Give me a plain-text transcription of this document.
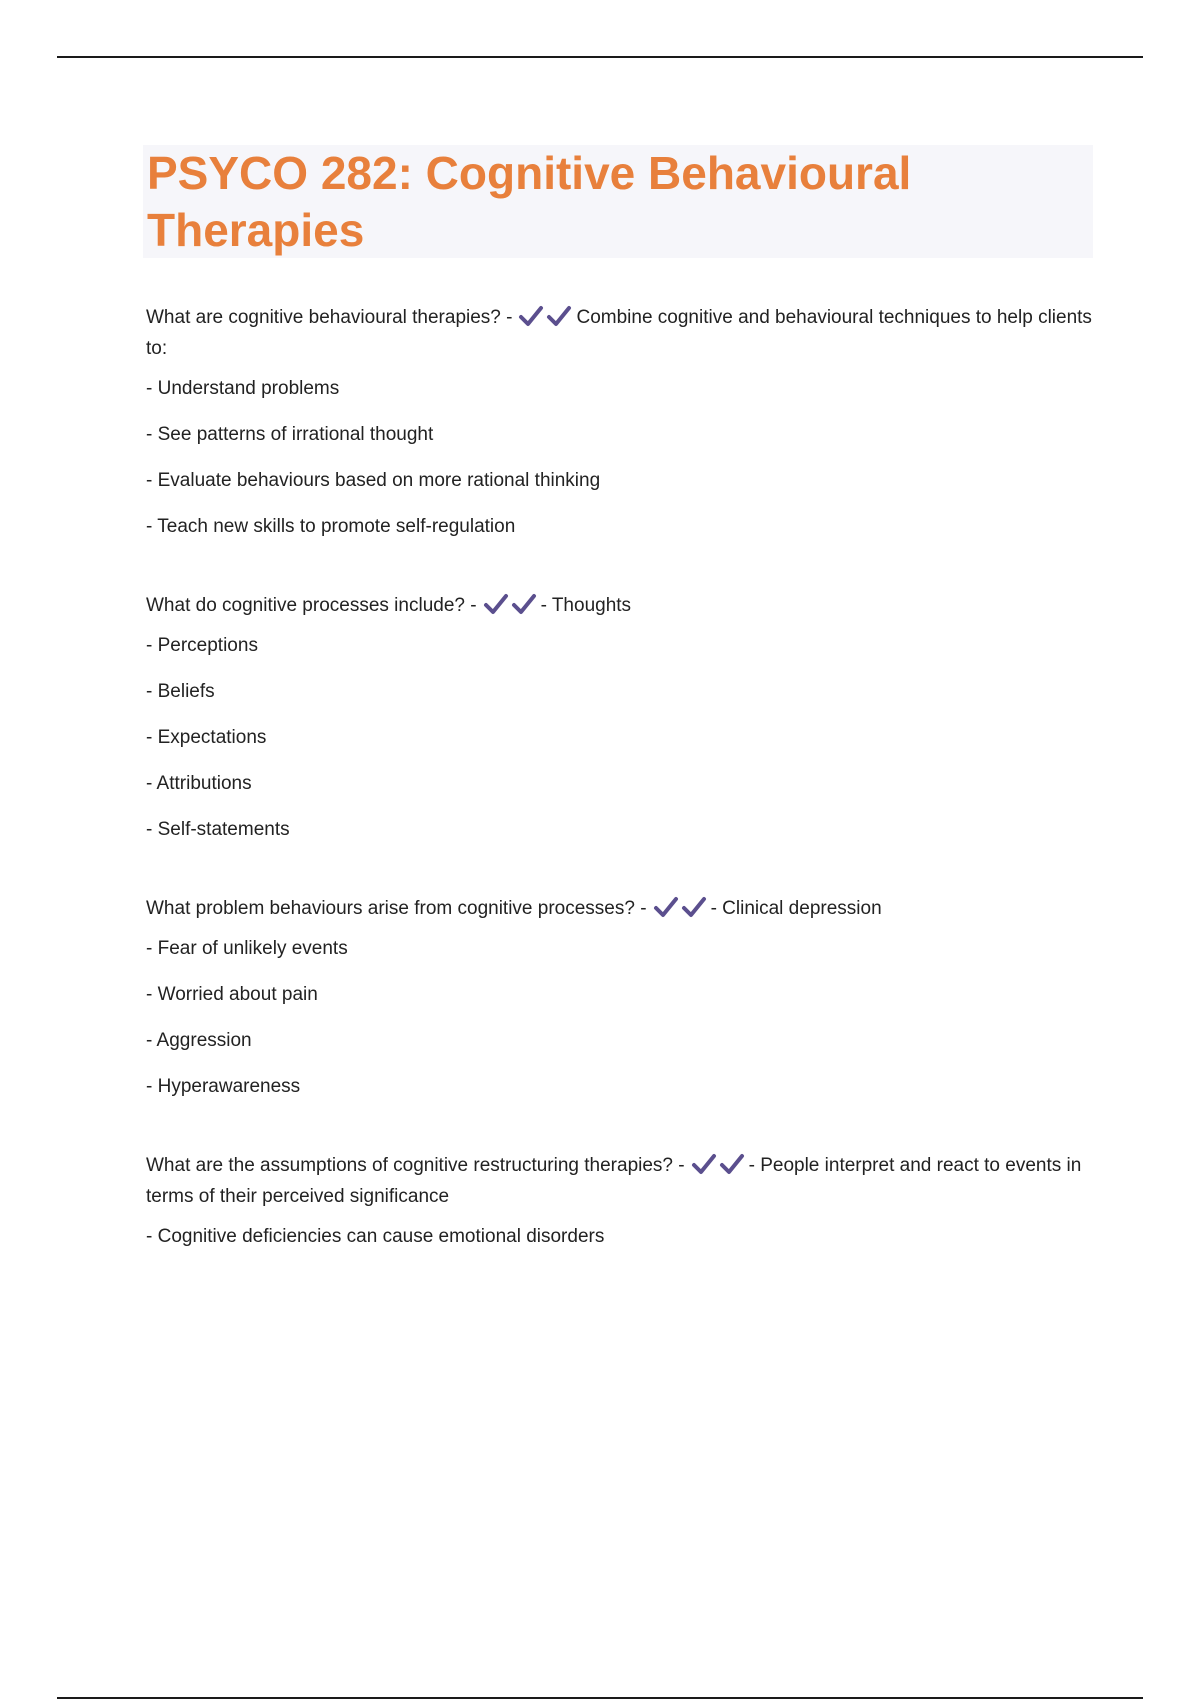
PSYCO 282: Cognitive Behavioural Therapies

What are cognitive behavioural therapies? -	Combine cognitive and behavioural techniques to help clients to:

- Understand problems

- See patterns of irrational thought

- Evaluate behaviours based on more rational thinking

- Teach new skills to promote self-regulation

What do cognitive processes include? -	- Thoughts

- Perceptions

- Beliefs

- Expectations

- Attributions

- Self-statements

What problem behaviours arise from cognitive processes? -	- Clinical depression

- Fear of unlikely events

- Worried about pain

- Aggression

- Hyperawareness

What are the assumptions of cognitive restructuring therapies? -	- People interpret and react to events in terms of their perceived significance

- Cognitive deficiencies can cause emotional disorders
